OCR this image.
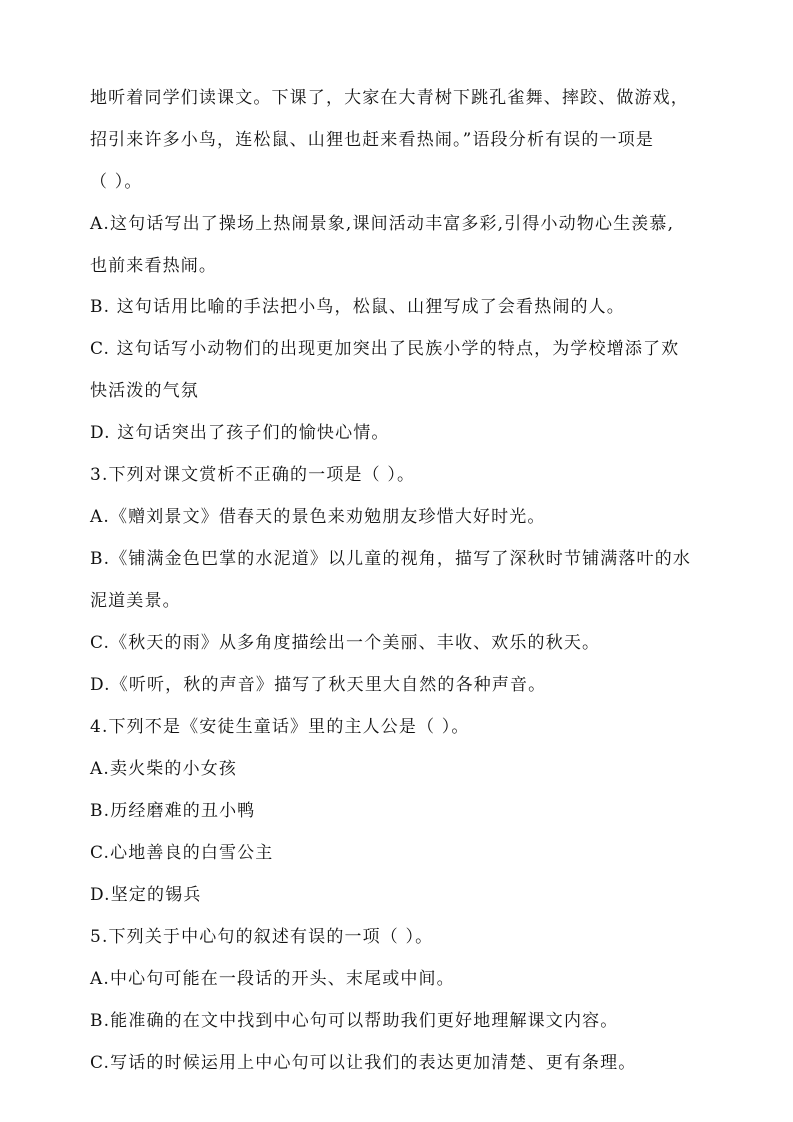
地听着同学们读课文。下课了，大家在大青树下跳孔雀舞、摔跤、做游戏，
招引来许多小鸟，连松鼠、山狸也赶来看热闹。”语段分析有误的一项是
（ ）。
A.这句话写出了操场上热闹景象,课间活动丰富多彩,引得小动物心生羡慕,
也前来看热闹。
B. 这句话用比喻的手法把小鸟，松鼠、山狸写成了会看热闹的人。
C. 这句话写小动物们的出现更加突出了民族小学的特点，为学校增添了欢
快活泼的气氛
D. 这句话突出了孩子们的愉快心情。
3.下列对课文赏析不正确的一项是（ ）。
A.《赠刘景文》借春天的景色来劝勉朋友珍惜大好时光。
B.《铺满金色巴掌的水泥道》以儿童的视角，描写了深秋时节铺满落叶的水
泥道美景。
C.《秋天的雨》从多角度描绘出一个美丽、丰收、欢乐的秋天。
D.《听听，秋的声音》描写了秋天里大自然的各种声音。
4.下列不是《安徒生童话》里的主人公是（ ）。
A.卖火柴的小女孩
B.历经磨难的丑小鸭
C.心地善良的白雪公主
D.坚定的锡兵
5.下列关于中心句的叙述有误的一项（ ）。
A.中心句可能在一段话的开头、末尾或中间。
B.能准确的在文中找到中心句可以帮助我们更好地理解课文内容。
C.写话的时候运用上中心句可以让我们的表达更加清楚、更有条理。
